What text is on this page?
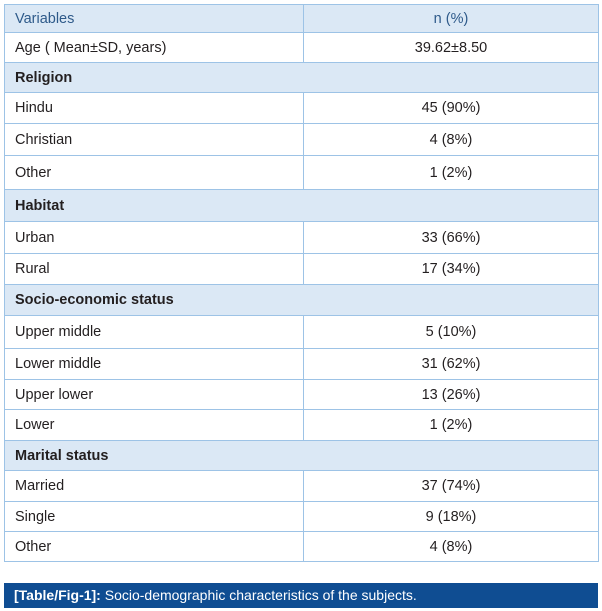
Variables	n (%)
Age ( Mean±SD, years)	39.62±8.50
Religion	
Hindu	45 (90%)
Christian	4 (8%)
Other	1 (2%)
Habitat	
Urban	33 (66%)
Rural	17 (34%)
Socio-economic status	
Upper middle	5 (10%)
Lower middle	31 (62%)
Upper lower	13 (26%)
Lower	1 (2%)
Marital status	
Married	37 (74%)
Single	9 (18%)
Other	4 (8%)
[Table/Fig-1]: Socio-demographic characteristics of the subjects.
